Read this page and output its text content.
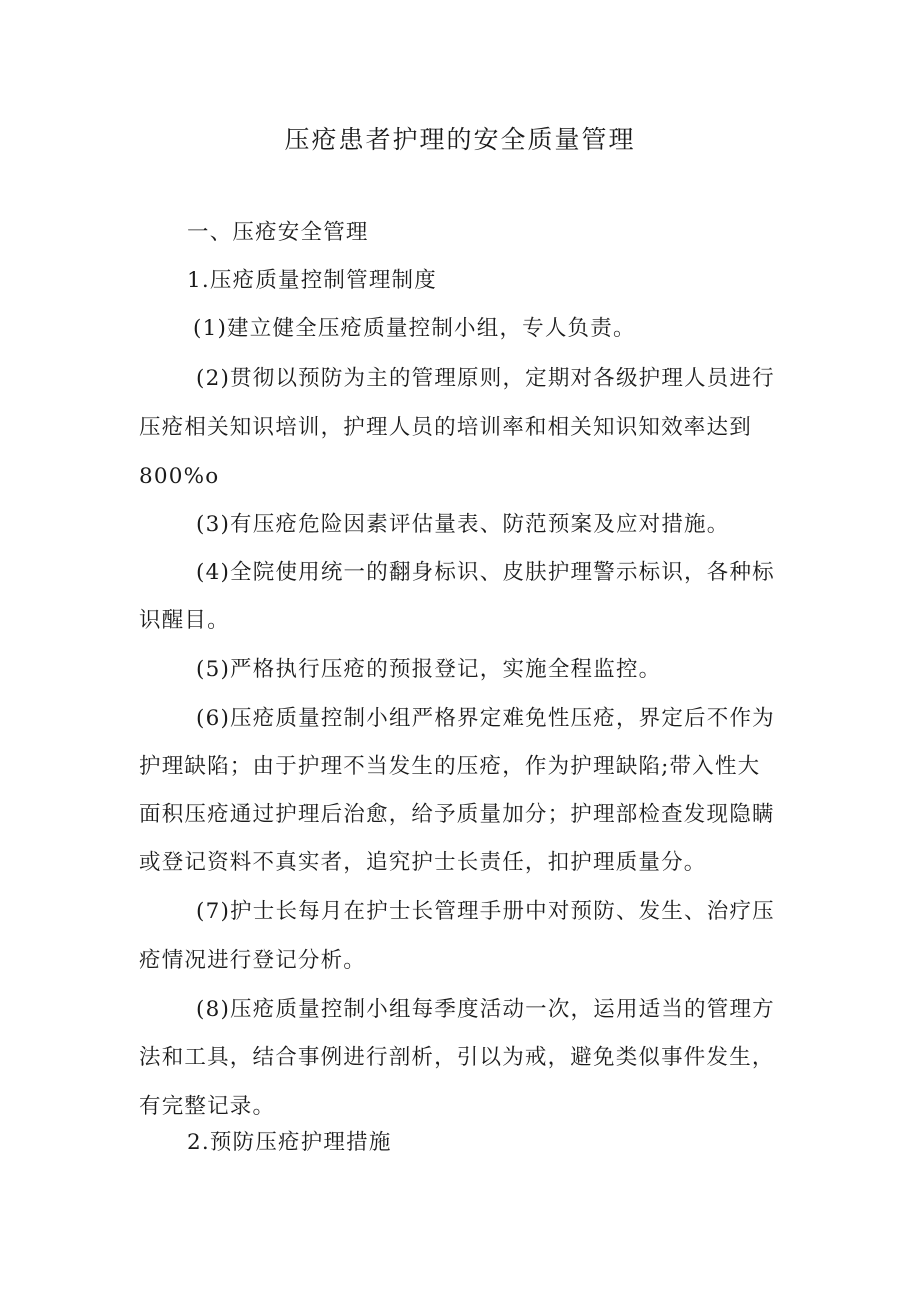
压疮患者护理的安全质量管理
一、压疮安全管理
1.压疮质量控制管理制度
(1)建立健全压疮质量控制小组，专人负责。
(2)贯彻以预防为主的管理原则，定期对各级护理人员进行
压疮相关知识培训，护理人员的培训率和相关知识知效率达到
800%o
(3)有压疮危险因素评估量表、防范预案及应对措施。
(4)全院使用统一的翻身标识、皮肤护理警示标识，各种标
识醒目。
(5)严格执行压疮的预报登记，实施全程监控。
(6)压疮质量控制小组严格界定难免性压疮，界定后不作为
护理缺陷；由于护理不当发生的压疮，作为护理缺陷;带入性大
面积压疮通过护理后治愈，给予质量加分；护理部检查发现隐瞒
或登记资料不真实者，追究护士长责任，扣护理质量分。
(7)护士长每月在护士长管理手册中对预防、发生、治疗压
疮情况进行登记分析。
(8)压疮质量控制小组每季度活动一次，运用适当的管理方
法和工具，结合事例进行剖析，引以为戒，避免类似事件发生，
有完整记录。
2.预防压疮护理措施
